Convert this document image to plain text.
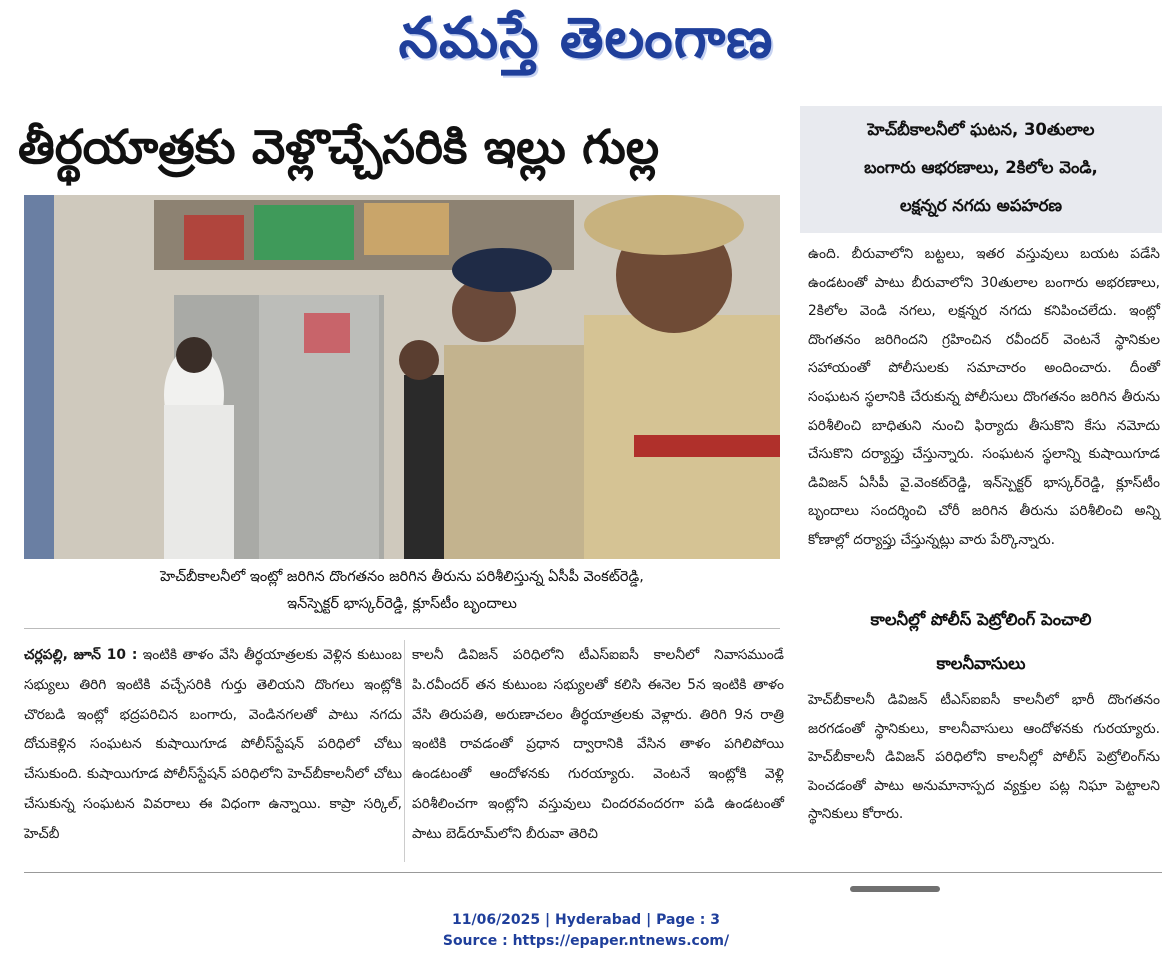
నమస్తే తెలంగాణ
తీర్థయాత్రకు వెళ్లొచ్చేసరికి ఇల్లు గుల్ల
హెచ్‌బీకాలనీలో ఇంట్లో జరిగిన దొంగతనం జరిగిన తీరును పరిశీలిస్తున్న ఏసీపీ వెంకట్‌రెడ్డి,
ఇన్‌స్పెక్టర్ భాస్కర్‌రెడ్డి, క్లూస్‌టీం బృందాలు

చర్లపల్లి, జూన్ 10 : ఇంటికి తాళం వేసి తీర్థయాత్రలకు వెళ్లిన కుటుంబ సభ్యులు తిరిగి ఇంటికి వచ్చేసరికి గుర్తు తెలియని దొంగలు ఇంట్లోకి చొరబడి ఇంట్లో భద్రపరిచిన బంగారు, వెండినగలతో పాటు నగదు దోచుకెళ్లిన సంఘటన కుషాయిగూడ పోలీస్‌స్టేషన్ పరిధిలో చోటు చేసుకుంది. కుషాయిగూడ పోలీస్‌స్టేషన్ పరిధిలోని హెచ్‌బీకాలనీలో చోటు చేసుకున్న సంఘటన వివరాలు ఈ విధంగా ఉన్నాయి. కాప్రా సర్కిల్, హెచ్‌బీ

కాలనీ డివిజన్ పరిధిలోని టీఎస్ఐఐసీ కాలనీలో నివాసముండే పి.రవీందర్ తన కుటుంబ సభ్యులతో కలిసి ఈనెల 5న ఇంటికి తాళం వేసి తిరుపతి, అరుణాచలం తీర్థయాత్రలకు వెళ్లారు. తిరిగి 9న రాత్రి ఇంటికి రావడంతో ప్రధాన ద్వారానికి వేసిన తాళం పగిలిపోయి ఉండటంతో ఆందోళనకు గురయ్యారు. వెంటనే ఇంట్లోకి వెళ్లి పరిశీలించగా ఇంట్లోని వస్తువులు చిందరవందరగా పడి ఉండటంతో పాటు బెడ్‌రూమ్‌లోని బీరువా తెరిచి

హెచ్‌బీకాలనీలో ఘటన, 30తులాల
బంగారు ఆభరణాలు, 2కిలోల వెండి,
లక్షన్నర నగదు అపహరణ

ఉంది. బీరువాలోని బట్టలు, ఇతర వస్తువులు బయట పడేసి ఉండటంతో పాటు బీరువాలోని 30తులాల బంగారు అభరణాలు, 2కిలోల వెండి నగలు, లక్షన్నర నగదు కనిపించలేదు. ఇంట్లో దొంగతనం జరిగిందని గ్రహించిన రవీందర్ వెంటనే స్థానికుల సహాయంతో పోలీసులకు సమాచారం అందించారు. దీంతో సంఘటన స్థలానికి చేరుకున్న పోలీసులు దొంగతనం జరిగిన తీరును పరిశీలించి బాధితుని నుంచి ఫిర్యాదు తీసుకొని కేసు నమోదు చేసుకొని దర్యాప్తు చేస్తున్నారు. సంఘటన స్థలాన్ని కుషాయిగూడ డివిజన్ ఏసీపీ వై.వెంకట్‌రెడ్డి, ఇన్‌స్పెక్టర్ భాస్కర్‌రెడ్డి, క్లూస్‌టీం బృందాలు సందర్శించి చోరీ జరిగిన తీరును పరిశీలించి అన్ని కోణాల్లో దర్యాప్తు చేస్తున్నట్లు వారు పేర్కొన్నారు.

కాలనీల్లో పోలీస్ పెట్రోలింగ్ పెంచాలి
కాలనీవాసులు

హెచ్‌బీకాలనీ డివిజన్ టీఎస్ఐఐసీ కాలనీలో భారీ దొంగతనం జరగడంతో స్థానికులు, కాలనీవాసులు ఆందోళనకు గురయ్యారు. హెచ్‌బీకాలనీ డివిజన్ పరిధిలోని కాలనీల్లో పోలీస్ పెట్రోలింగ్‌ను పెంచడంతో పాటు అనుమానాస్పద వ్యక్తుల పట్ల నిఘా పెట్టాలని స్థానికులు కోరారు.

11/06/2025 | Hyderabad | Page : 3
Source : https://epaper.ntnews.com/
